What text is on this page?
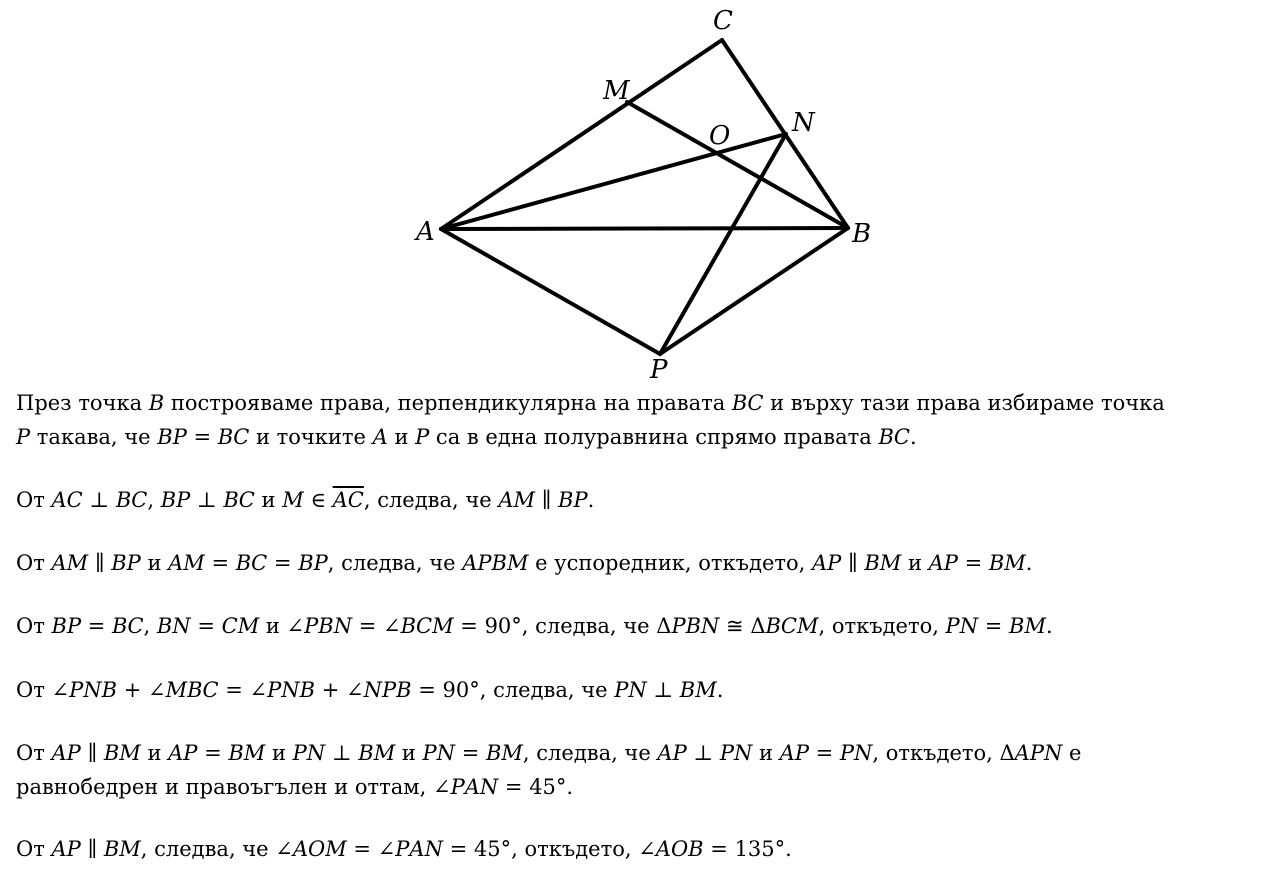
C
M
O N
A	B
P
През точка 𝐵 построяваме права, перпендикулярна на правата 𝐵𝐶 и върху тази права избираме точка
𝑃 такава, че 𝐵𝑃 = 𝐵𝐶 и точките 𝐴 и 𝑃 са в една полуравнина спрямо правата 𝐵𝐶.
От 𝐴𝐶 ⊥ 𝐵𝐶, 𝐵𝑃 ⊥ 𝐵𝐶 и 𝑀 ∈ 𝐴𝐶, следва, че 𝐴𝑀 ∥ 𝐵𝑃.
От 𝐴𝑀 ∥ 𝐵𝑃 и 𝐴𝑀 = 𝐵𝐶 = 𝐵𝑃, следва, че 𝐴𝑃𝐵𝑀 е успоредник, откъдето, 𝐴𝑃 ∥ 𝐵𝑀 и 𝐴𝑃 = 𝐵𝑀.
От 𝐵𝑃 = 𝐵𝐶, 𝐵𝑁 = 𝐶𝑀 и ∠𝑃𝐵𝑁 = ∠𝐵𝐶𝑀 = 90°, следва, че Δ𝑃𝐵𝑁 ≅ Δ𝐵𝐶𝑀, откъдето, 𝑃𝑁 = 𝐵𝑀.
От ∠𝑃𝑁𝐵 + ∠𝑀𝐵𝐶 = ∠𝑃𝑁𝐵 + ∠𝑁𝑃𝐵 = 90°, следва, че 𝑃𝑁 ⊥ 𝐵𝑀.
От 𝐴𝑃 ∥ 𝐵𝑀 и 𝐴𝑃 = 𝐵𝑀 и 𝑃𝑁 ⊥ 𝐵𝑀 и 𝑃𝑁 = 𝐵𝑀, следва, че 𝐴𝑃 ⊥ 𝑃𝑁 и 𝐴𝑃 = 𝑃𝑁, откъдето, Δ𝐴𝑃𝑁 е
равнобедрен и правоъгълен и оттам, ∠𝑃𝐴𝑁 = 45°.
От 𝐴𝑃 ∥ 𝐵𝑀, следва, че ∠𝐴𝑂𝑀 = ∠𝑃𝐴𝑁 = 45°, откъдето, ∠𝐴𝑂𝐵 = 135°.
